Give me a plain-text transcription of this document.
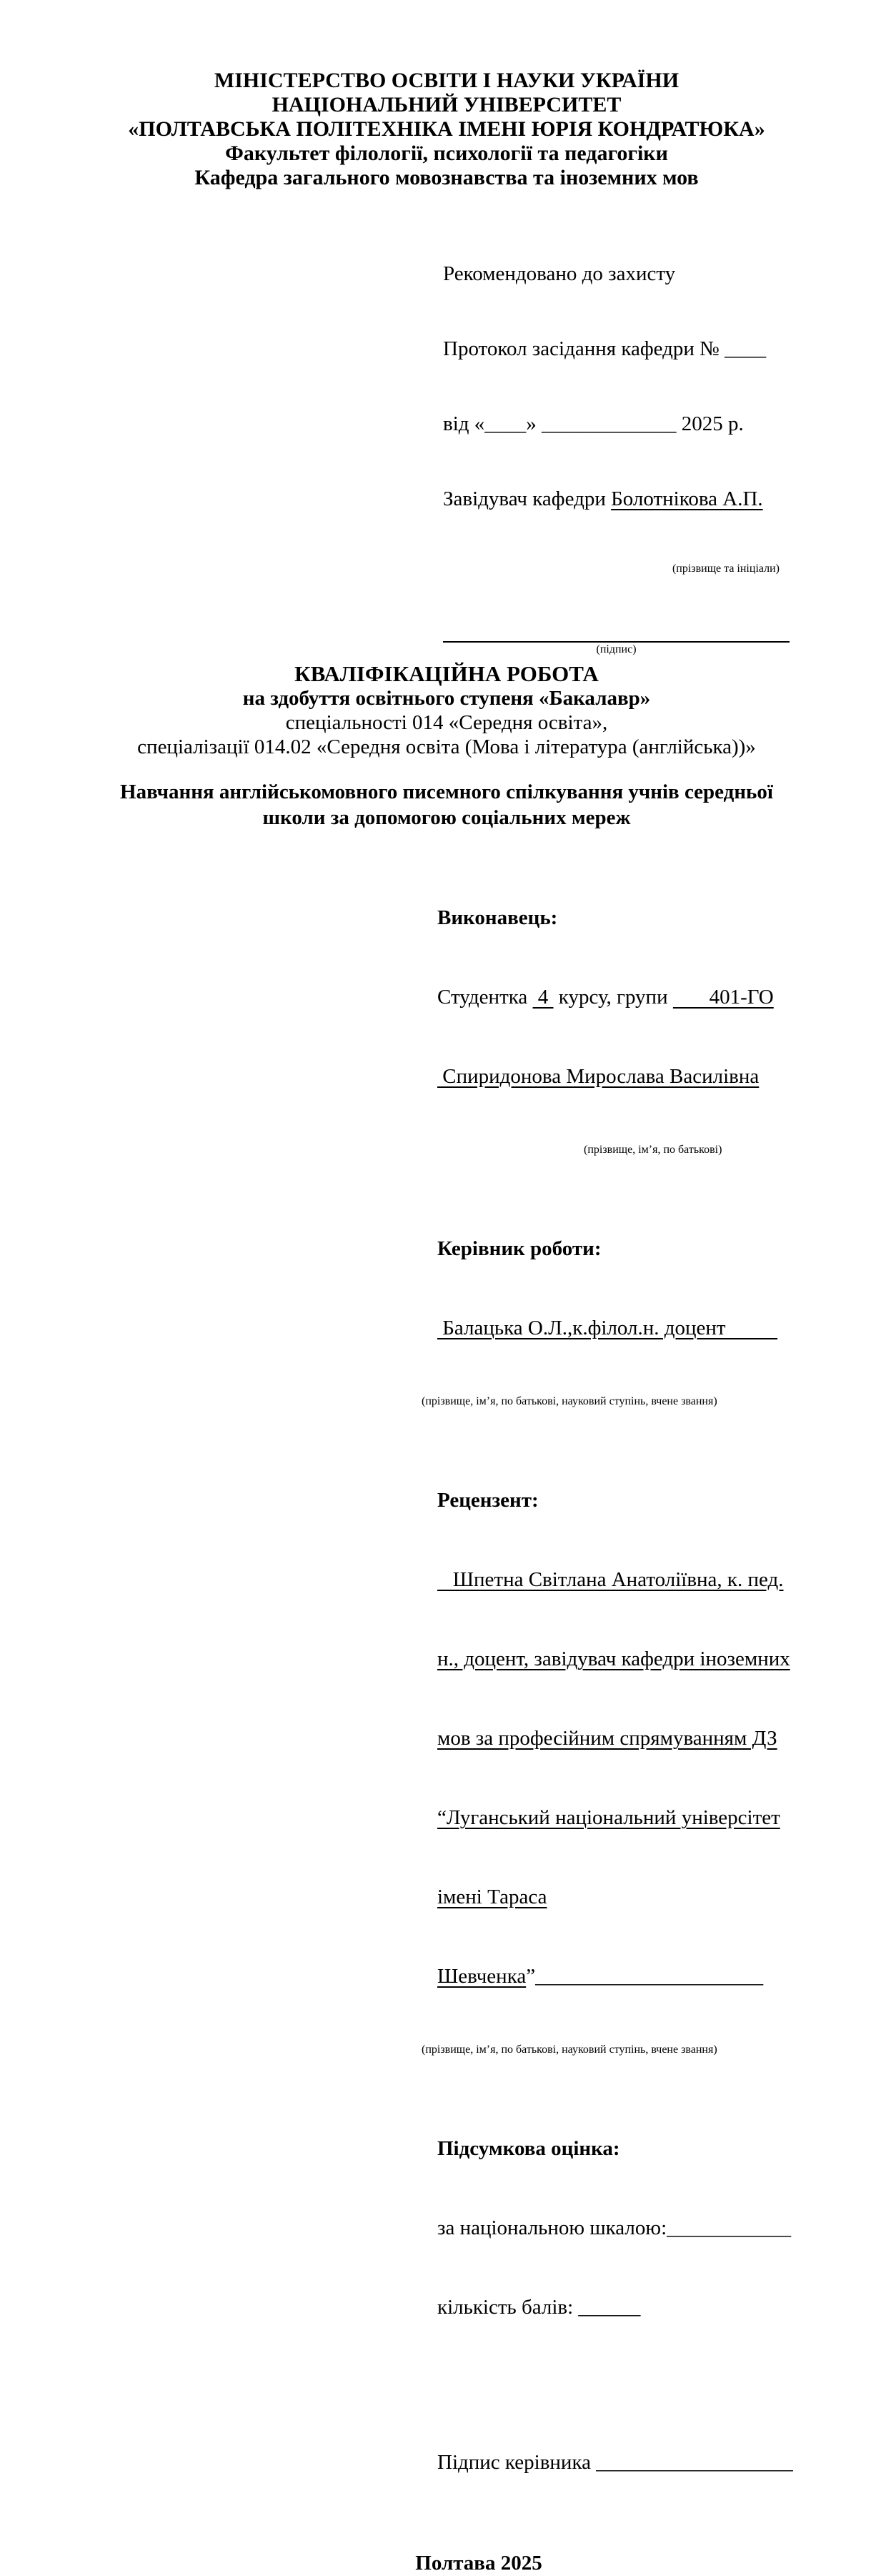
МІНІСТЕРСТВО ОСВІТИ І НАУКИ УКРАЇНИ
НАЦІОНАЛЬНИЙ УНІВЕРСИТЕТ
«ПОЛТАВСЬКА ПОЛІТЕХНІКА ІМЕНІ ЮРІЯ КОНДРАТЮКА»
Факультет філології, психології та педагогіки
Кафедра загального мовознавства та іноземних мов

Рекомендовано до захисту

Протокол засідання кафедри № ____

від «____» _____________ 2025 р.

Завідувач кафедри Болотнікова А.П.

(прізвище та ініціали)

(підпис)
КВАЛІФІКАЦІЙНА РОБОТА
на здобуття освітнього ступеня «Бакалавр»
спеціальності 014 «Середня освіта»,
спеціалізації 014.02 «Середня освіта (Мова і література (англійська))»
Навчання англійськомовного писемного спілкування учнів середньої
школи за допомогою соціальних мереж

Виконавець:

Студентка  4  курсу, групи        401-ГО

Спиридонова Мирослава Василівна

(прізвище, ім’я, по батькові)

Керівник роботи:

Балацька О.Л.,к.філол.н. доцент

(прізвище, ім’я, по батькові, науковий ступінь, вчене звання)

Рецензент:

Шпетна Світлана Анатоліївна, к. пед.

н., доцент, завідувач кафедри іноземних

мов за професійним спрямуванням ДЗ

“Луганський національний універсітет

імені Тараса

Шевченка”______________________

(прізвище, ім’я, по батькові, науковий ступінь, вчене звання)

Підсумкова оцінка:

за національною шкалою:____________

кількість балів: ______

Підпис керівника ___________________

Полтава 2025
